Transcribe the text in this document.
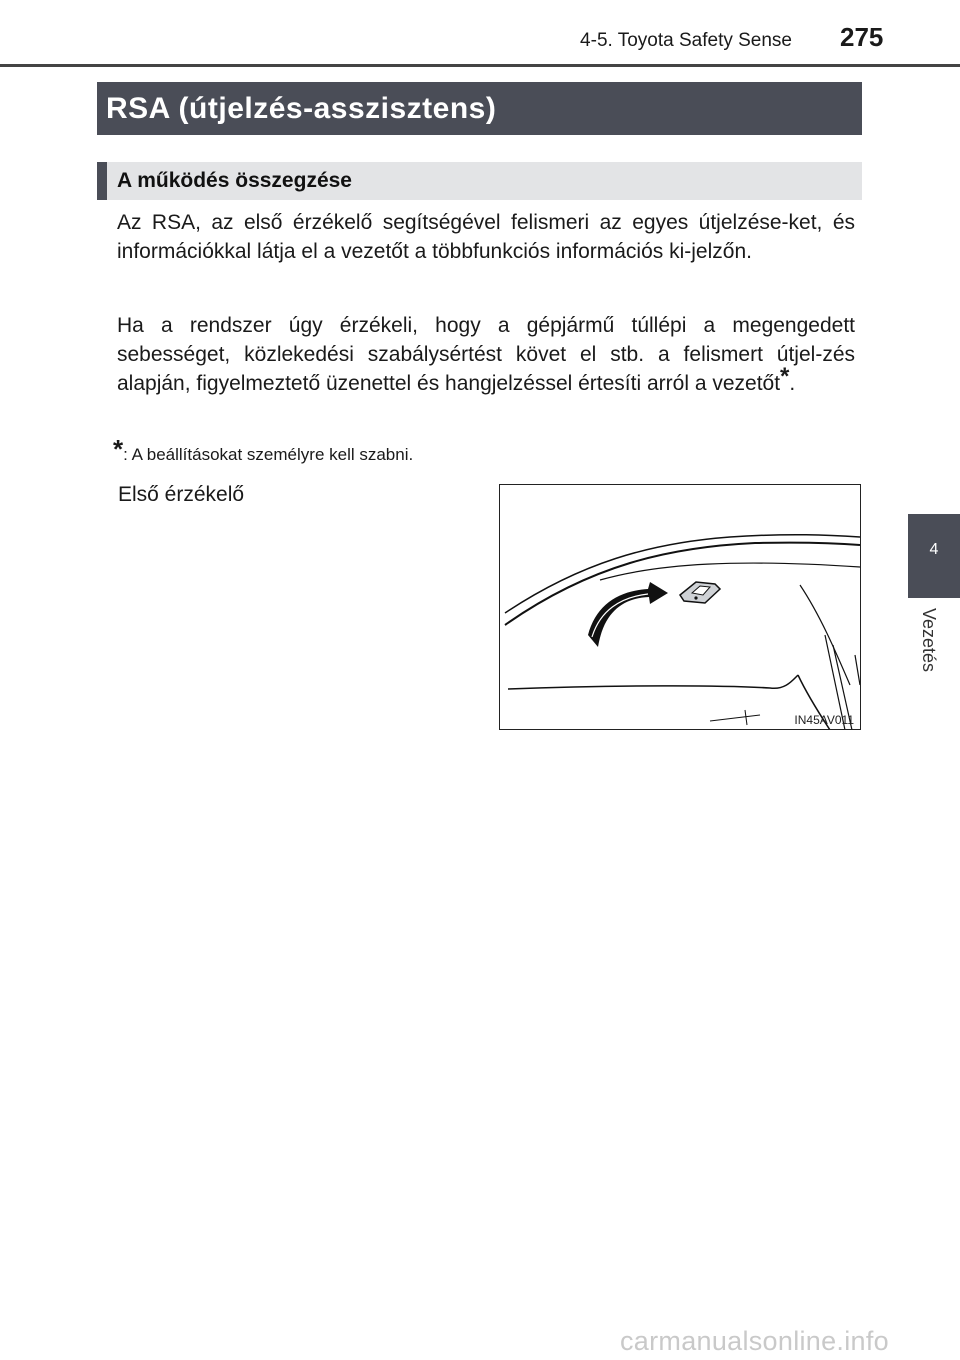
4-5. Toyota Safety Sense 275
RSA (útjelzés-asszisztens)
A működés összegzése

Az RSA, az első érzékelő segítségével felismeri az egyes útjelzése-ket, és információkkal látja el a vezetőt a többfunkciós információs ki-jelzőn.

Ha a rendszer úgy érzékeli, hogy a gépjármű túllépi a megengedett sebességet, közlekedési szabálysértést követ el stb. a felismert útjel-zés alapján, figyelmeztető üzenettel és hangjelzéssel értesíti arról a vezetőt*.

*: A beállításokat személyre kell szabni.
Első érzékelő
IN45AV011
4
Vezetés
carmanualsonline.info
